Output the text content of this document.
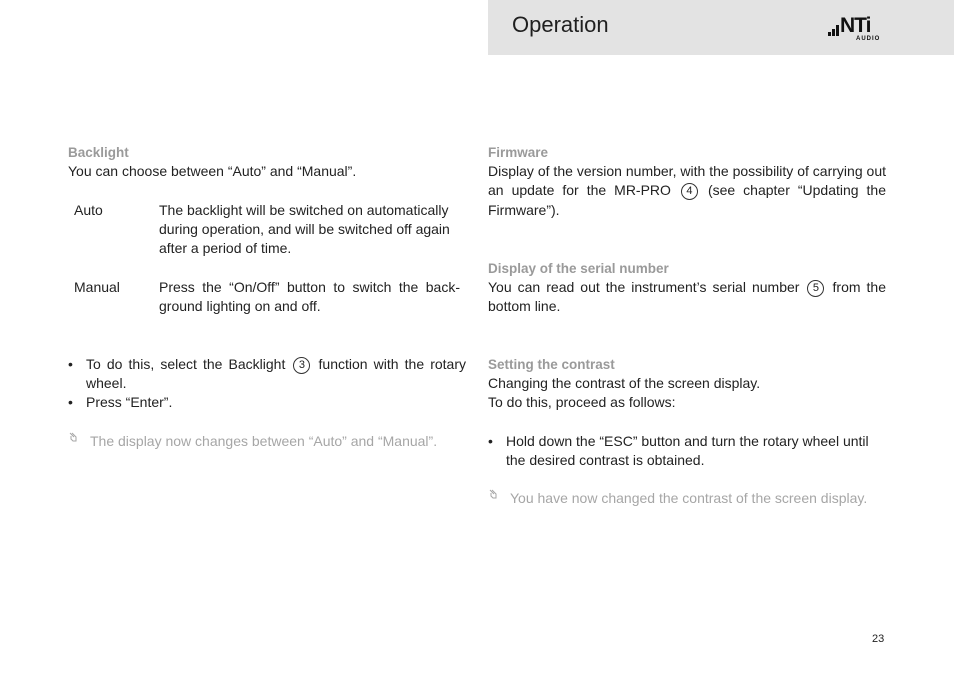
Operation	NTi
AUDIO
Backlight
You can choose between “Auto” and “Manual”.
Auto	The backlight will be switched on automatically during operation, and will be switched off again after a period of time.
Manual	Press the “On/Off” button to switch the back-ground lighting on and off.
• To do this, select the Backlight 3 function with the rotary wheel.
• Press “Enter”.
The display now changes between “Auto” and “Manual”.
Firmware
Display of the version number, with the possibility of carrying out an update for the MR-PRO 4 (see chapter “Updating the Firmware”).
Display of the serial number
You can read out the instrument’s serial number 5 from the bottom line.
Setting the contrast
Changing the contrast of the screen display.
To do this, proceed as follows:
• Hold down the “ESC” button and turn the rotary wheel until the desired contrast is obtained.
You have now changed the contrast of the screen display.
23
